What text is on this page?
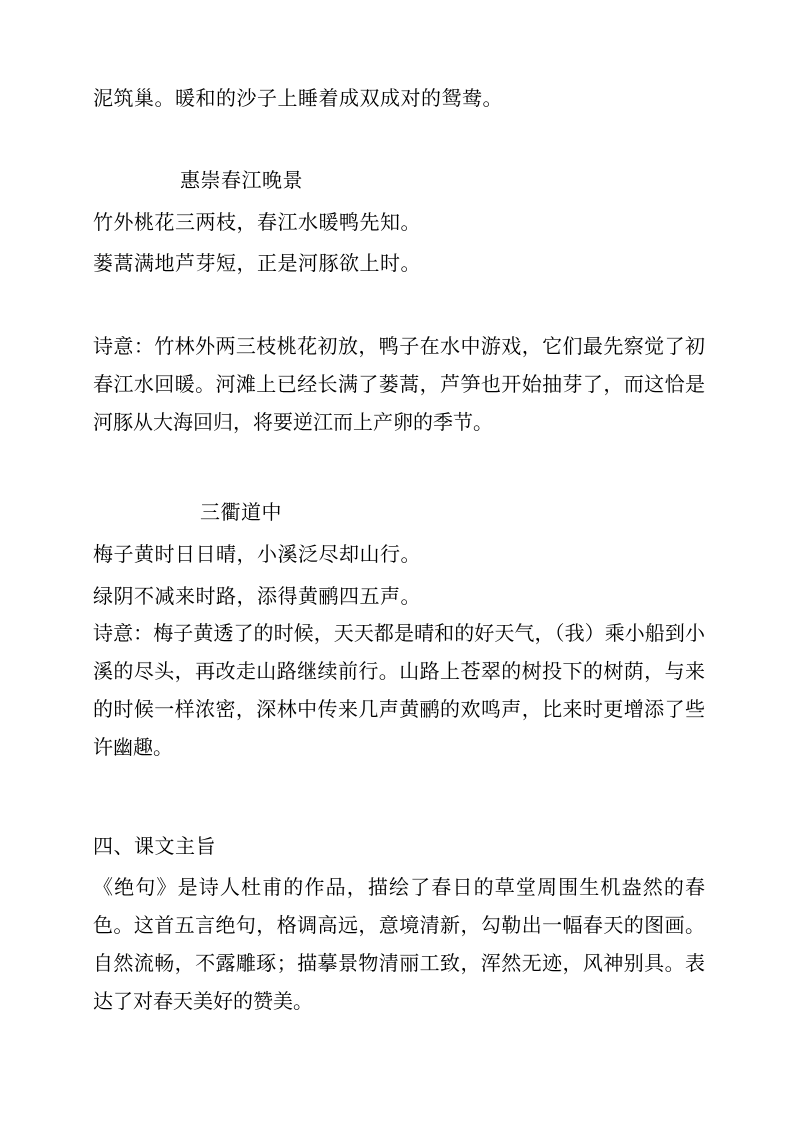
泥筑巢。暖和的沙子上睡着成双成对的鸳鸯。
惠崇春江晚景
竹外桃花三两枝，春江水暖鸭先知。
蒌蒿满地芦芽短，正是河豚欲上时。
诗意：竹林外两三枝桃花初放，鸭子在水中游戏，它们最先察觉了初春江水回暖。河滩上已经长满了蒌蒿，芦笋也开始抽芽了，而这恰是河豚从大海回归，将要逆江而上产卵的季节。
三衢道中
梅子黄时日日晴，小溪泛尽却山行。
绿阴不减来时路，添得黄鹂四五声。
诗意：梅子黄透了的时候，天天都是晴和的好天气，（我）乘小船到小溪的尽头，再改走山路继续前行。山路上苍翠的树投下的树荫，与来的时候一样浓密，深林中传来几声黄鹂的欢鸣声，比来时更增添了些许幽趣。
四、课文主旨
《绝句》是诗人杜甫的作品，描绘了春日的草堂周围生机盎然的春色。这首五言绝句，格调高远，意境清新，勾勒出一幅春天的图画。自然流畅，不露雕琢；描摹景物清丽工致，浑然无迹，风神别具。表达了对春天美好的赞美。
